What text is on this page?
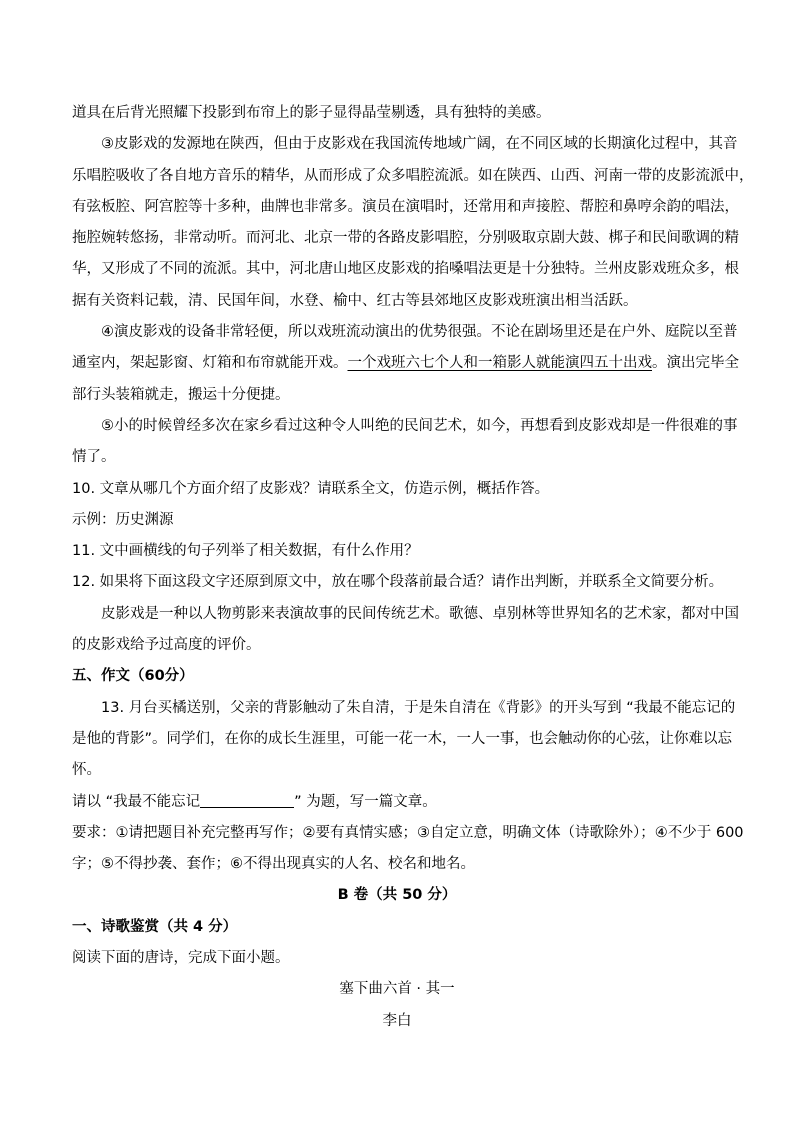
道具在后背光照耀下投影到布帘上的影子显得晶莹剔透，具有独特的美感。
③皮影戏的发源地在陕西，但由于皮影戏在我国流传地域广阔，在不同区域的长期演化过程中，其音
乐唱腔吸收了各自地方音乐的精华，从而形成了众多唱腔流派。如在陕西、山西、河南一带的皮影流派中，
有弦板腔、阿宫腔等十多种，曲牌也非常多。演员在演唱时，还常用和声接腔、帮腔和鼻哼余韵的唱法，
拖腔婉转悠扬，非常动听。而河北、北京一带的各路皮影唱腔，分别吸取京剧大鼓、梆子和民间歌调的精
华，又形成了不同的流派。其中，河北唐山地区皮影戏的掐嗓唱法更是十分独特。兰州皮影戏班众多，根
据有关资料记载，清、民国年间，水登、榆中、红古等县郊地区皮影戏班演出相当活跃。
④演皮影戏的设备非常轻便，所以戏班流动演出的优势很强。不论在剧场里还是在户外、庭院以至普
通室内，架起影窗、灯箱和布帘就能开戏。一个戏班六七个人和一箱影人就能演四五十出戏。演出完毕全
部行头装箱就走，搬运十分便捷。
⑤小的时候曾经多次在家乡看过这种令人叫绝的民间艺术，如今，再想看到皮影戏却是一件很难的事
情了。
10. 文章从哪几个方面介绍了皮影戏？请联系全文，仿造示例，概括作答。
示例：历史渊源
11. 文中画横线的句子列举了相关数据，有什么作用？
12. 如果将下面这段文字还原到原文中，放在哪个段落前最合适？请作出判断，并联系全文简要分析。
皮影戏是一种以人物剪影来表演故事的民间传统艺术。歌德、卓别林等世界知名的艺术家，都对中国
的皮影戏给予过高度的评价。
五、作文（60分）
13. 月台买橘送别，父亲的背影触动了朱自清，于是朱自清在《背影》的开头写到 “我最不能忘记的
是他的背影”。同学们，在你的成长生涯里，可能一花一木，一人一事，也会触动你的心弦，让你难以忘
怀。
请以 “我最不能忘记	” 为题，写一篇文章。
要求：①请把题目补充完整再写作；②要有真情实感；③自定立意，明确文体（诗歌除外）；④不少于 600
字；⑤不得抄袭、套作；⑥不得出现真实的人名、校名和地名。
B 卷（共 50 分）
一、诗歌鉴赏（共 4 分）
阅读下面的唐诗，完成下面小题。
塞下曲六首 · 其一
李白
